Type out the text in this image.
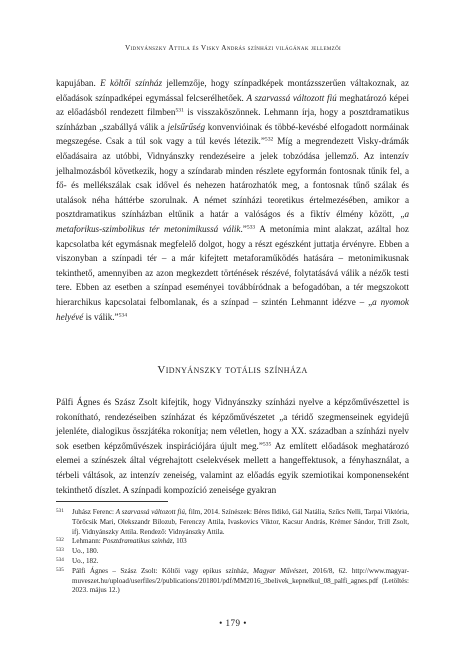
Vidnyánszky Attila és Visky András színházi világának jellemzői

kapujában. E költői színház jellemzője, hogy színpadképek montázsszerűen váltakoznak, az előadások színpadképei egymással felcserélhetőek. A szarvassá változott fiú meghatározó képei az előadásból rendezett filmben$^{531}$ is visszaköszönnek. Lehmann írja, hogy a posztdramatikus színházban „szabállyá válik a jelsűrűség konvenvióinak és többé-kevésbé elfogadott normáinak megszegése. Csak a túl sok vagy a túl kevés létezik.”$^{532}$ Míg a megrendezett Visky-drámák előadásaira az utóbbi, Vidnyánszky rendezéseire a jelek tobzódása jellemző. Az intenzív jelhalmozásból következik, hogy a színdarab minden részlete egyformán fontosnak tűnik fel, a fő- és mellékszálak csak idővel és nehezen határozhatók meg, a fontosnak tűnő szálak és utalások néha háttérbe szorulnak. A német színházi teoretikus értelmezésében, amikor a posztdramatikus színházban eltűnik a határ a valóságos és a fiktív élmény között, „a metaforikus-szimbolikus tér metonimikussá válik.”$^{533}$ A metonímia mint alakzat, azáltal hoz kapcsolatba két egymásnak megfelelő dolgot, hogy a részt egészként juttatja érvényre. Ebben a viszonyban a színpadi tér – a már kifejtett metaforaműködés hatására – metonimikusnak tekinthető, amennyiben az azon megkezdett történések részévé, folytatásává válik a nézők testi tere. Ebben az esetben a színpad eseményei továbbíródnak a befogadóban, a tér megszokott hierarchikus kapcsolatai felbomlanak, és a színpad – szintén Lehmannt idézve – „a nyomok helyévé is válik.”$^{534}$

Vidnyánszky totális színháza

Pálfi Ágnes és Szász Zsolt kifejtik, hogy Vidnyánszky színházi nyelve a képzőművészettel is rokonítható, rendezéseiben színházat és képzőművészetet „a téridő szegmenseinek egyidejű jelenléte, dialogikus összjátéka rokonítja; nem véletlen, hogy a XX. században a színházi nyelv sok esetben képzőművészek inspirációjára újult meg.”$^{535}$ Az említett előadások meghatározó elemei a színészek által végrehajtott cselekvések mellett a hangeffektusok, a fényhasználat, a térbeli váltások, az intenzív zeneiség, valamint az előadás egyik szemiotikai komponenseként tekinthető díszlet. A színpadi kompozíció zeneisége gyakran

531 Juhász Ferenc: A szarvassá változott fiú, film, 2014. Színészek: Béres Ildikó, Gál Natália, Szűcs Nelli, Tarpai Viktória, Törőcsik Mari, Olekszandr Bilozub, Ferenczy Attila, Ivaskovics Viktor, Kacsur András, Krémer Sándor, Trill Zsolt, ifj. Vidnyánszky Attila. Rendező: Vidnyánszky Attila.
532 Lehmann: Posztdramatikus színház, 103
533 Uo., 180.
534 Uo., 182.
535 Pálfi Ágnes – Szász Zsolt: Költői vagy epikus színház, Magyar Művészet, 2016/8, 62. http://www.magyar-muveszet.hu/upload/userfiles/2/publications/201801/pdf/MM2016_3belivek_kepnelkul_08_palfi_agnes.pdf (Letöltés: 2023. május 12.)
• 179 •
